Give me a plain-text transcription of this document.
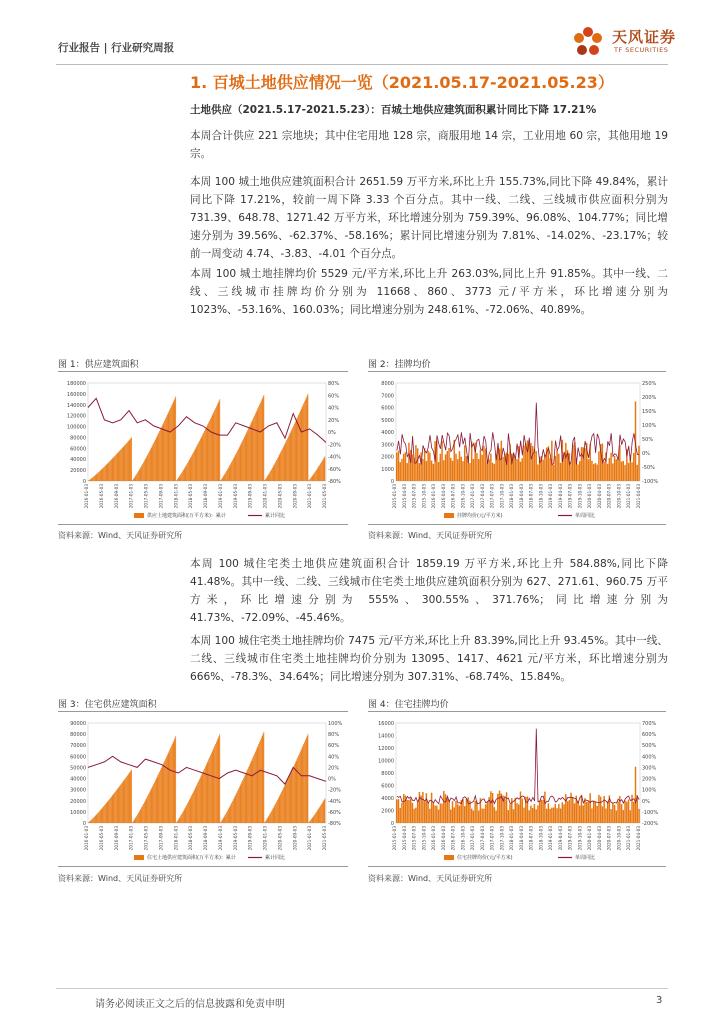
行业报告 | 行业研究周报
天风证券
TF SECURITIES
1. 百城土地供应情况一览（2021.05.17-2021.05.23）
土地供应（2021.5.17-2021.5.23）：百城土地供应建筑面积累计同比下降 17.21%
本周合计供应 221 宗地块；其中住宅用地 128 宗，商服用地 14 宗，工业用地 60 宗，其他用地 19 宗。
本周 100 城土地供应建筑面积合计 2651.59 万平方米,环比上升 155.73%,同比下降 49.84%，累计同比下降 17.21%，较前一周下降 3.33 个百分点。其中一线、二线、三线城市供应面积分别为 731.39、648.78、1271.42 万平方米，环比增速分别为 759.39%、96.08%、104.77%；同比增速分别为 39.56%、-62.37%、-58.16%；累计同比增速分别为 7.81%、-14.02%、-23.17%；较前一周变动 4.74、-3.83、-4.01 个百分点。
本周 100 城土地挂牌均价 5529 元/平方米,环比上升 263.03%,同比上升 91.85%。其中一线、二线、三线城市挂牌均价分别为 11668、860、3773 元/平方米，环比增速分别为 1023%、-53.16%、160.03%；同比增速分别为 248.61%、-72.06%、40.89%。
本周 100 城住宅类土地供应建筑面积合计 1859.19 万平方米,环比上升 584.88%,同比下降 41.48%。其中一线、二线、三线城市住宅类土地供应建筑面积分别为 627、271.61、960.75 万平方米，环比增速分别为 555%、300.55%、371.76%；同比增速分别为 41.73%、-72.09%、-45.46%。
本周 100 城住宅类土地挂牌均价 7475 元/平方米,环比上升 83.39%,同比上升 93.45%。其中一线、二线、三线城市住宅类土地挂牌均价分别为 13095、1417、4621 元/平方米，环比增速分别为 666%、-78.3%、34.64%；同比增速分别为 307.31%、-68.74%、15.84%。
图 1：供应建筑面积
180000
160000
140000
120000
100000
80000
60000
40000
20000
0
80%
60%
40%
20%
0%
-20%
-40%
-60%
-80%
2016-01-03 2016-05-03 2016-09-03 2017-01-03 2017-05-03 2017-09-03 2018-01-03 2018-05-03 2018-09-03 2019-01-03 2019-05-03 2019-09-03 2020-01-03 2020-05-03 2020-09-03 2021-01-03 2021-05-03
供应土地建筑面积(万平方米)：累计	累计同比
资料来源：Wind、天风证券研究所
图 2：挂牌均价
8000
7000
6000
5000
4000
3000
2000
1000
0
250%
200%
150%
100%
50%
0%
-50%
-100%
2015-01-03 2015-04-03 2015-07-03 2015-10-03 2016-01-03 2016-04-03 2016-07-03 2016-10-03 2017-01-03 2017-04-03 2017-07-03 2017-10-03 2018-01-03 2018-04-03 2018-07-03 2018-10-03 2019-01-03 2019-04-03 2019-07-03 2019-10-03 2020-01-03 2020-04-03 2020-07-03 2020-10-03 2021-01-03 2021-04-03
挂牌均价(元/平方米)	单周同比
资料来源：Wind、天风证券研究所
图 3：住宅供应建筑面积
90000
80000
70000
60000
50000
40000
30000
20000
10000
0
100%
80%
60%
40%
20%
0%
-20%
-40%
-60%
-80%
2016-01-03 2016-05-03 2016-09-03 2017-01-03 2017-05-03 2017-09-03 2018-01-03 2018-05-03 2018-09-03 2019-01-03 2019-05-03 2019-09-03 2020-01-03 2020-05-03 2020-09-03 2021-01-03 2021-05-03
住宅土地供应建筑面积(万平方米)：累计	累计同比
资料来源：Wind、天风证券研究所
图 4：住宅挂牌均价
16000
14000
12000
10000
8000
6000
4000
2000
0
700%
600%
500%
400%
300%
200%
100%
0%
-100%
-200%
2015-01-03 2015-04-03 2015-07-03 2015-10-03 2016-01-03 2016-04-03 2016-07-03 2016-10-03 2017-01-03 2017-04-03 2017-07-03 2017-10-03 2018-01-03 2018-04-03 2018-07-03 2018-10-03 2019-01-03 2019-04-03 2019-07-03 2019-10-03 2020-01-03 2020-04-03 2020-07-03 2020-10-03 2021-01-03 2021-04-03
住宅挂牌均价(元/平方米)	单周同比
资料来源：Wind、天风证券研究所
请务必阅读正文之后的信息披露和免责申明	3
